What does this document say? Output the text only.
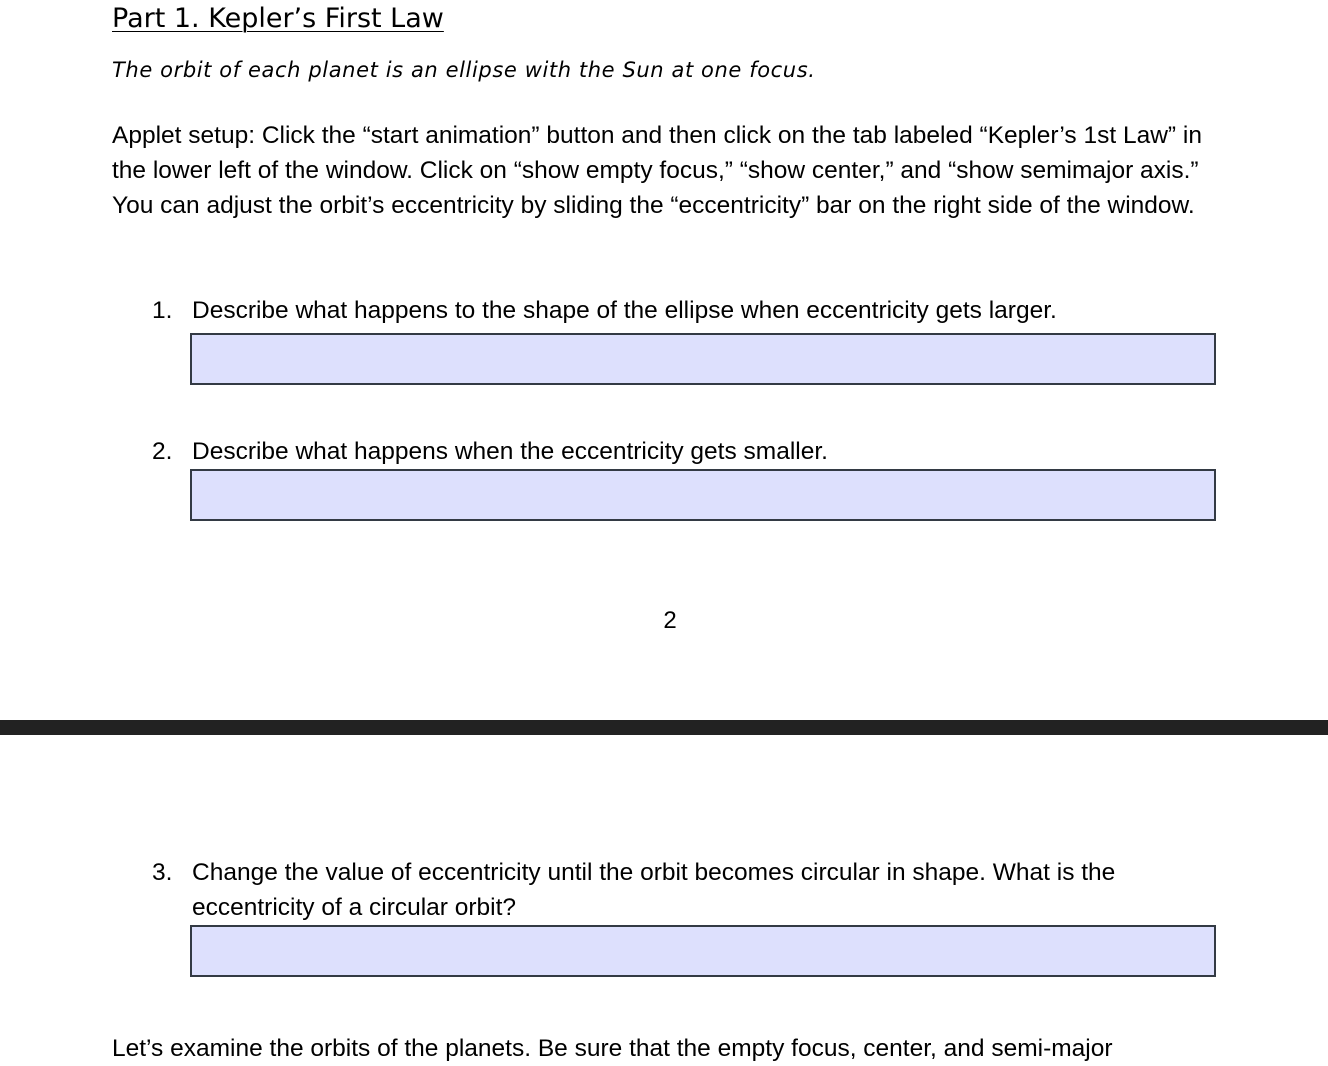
Part 1. Kepler’s First Law
The orbit of each planet is an ellipse with the Sun at one focus.

Applet setup: Click the “start animation” button and then click on the tab labeled “Kepler’s 1st Law” in the lower left of the window. Click on “show empty focus,” “show center,” and “show semimajor axis.” You can adjust the orbit’s eccentricity by sliding the “eccentricity” bar on the right side of the window.

1. Describe what happens to the shape of the ellipse when eccentricity gets larger.
2. Describe what happens when the eccentricity gets smaller.
2
3. Change the value of eccentricity until the orbit becomes circular in shape. What is the eccentricity of a circular orbit?
Let’s examine the orbits of the planets. Be sure that the empty focus, center, and semi-major
